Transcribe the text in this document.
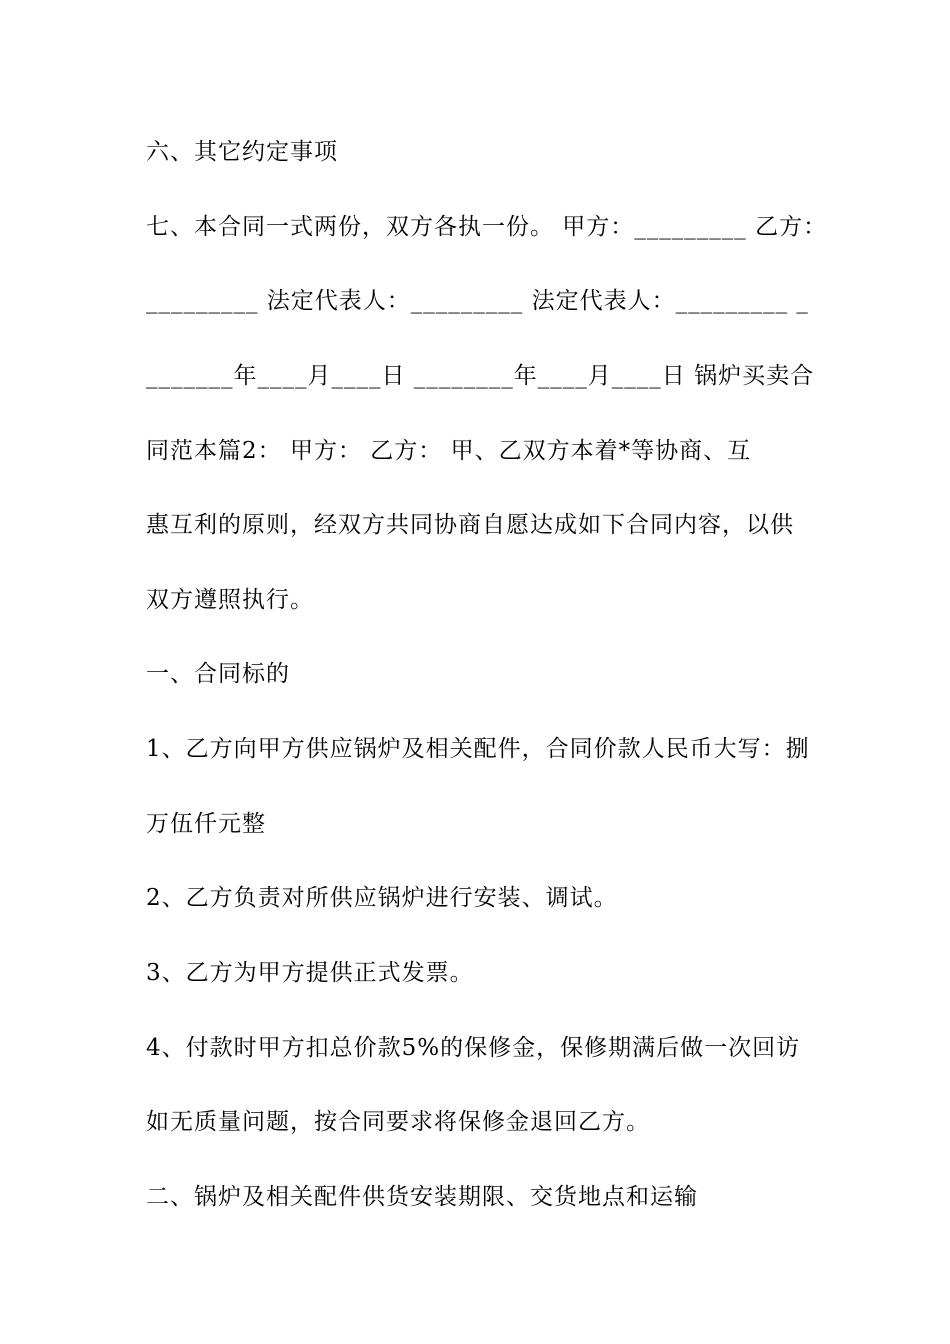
六、其它约定事项
七、本合同一式两份，双方各执一份。 甲方：_________ 乙方：
_________ 法定代表人：_________ 法定代表人：_________ _
_______年____月____日 ________年____月____日 锅炉买卖合
同范本篇2： 甲方： 乙方： 甲、乙双方本着*等协商、互
惠互利的原则，经双方共同协商自愿达成如下合同内容，以供
双方遵照执行。
一、合同标的
1、乙方向甲方供应锅炉及相关配件，合同价款人民币大写：捌
万伍仟元整
2、乙方负责对所供应锅炉进行安装、调试。
3、乙方为甲方提供正式发票。
4、付款时甲方扣总价款5%的保修金，保修期满后做一次回访
如无质量问题，按合同要求将保修金退回乙方。
二、锅炉及相关配件供货安装期限、交货地点和运输
